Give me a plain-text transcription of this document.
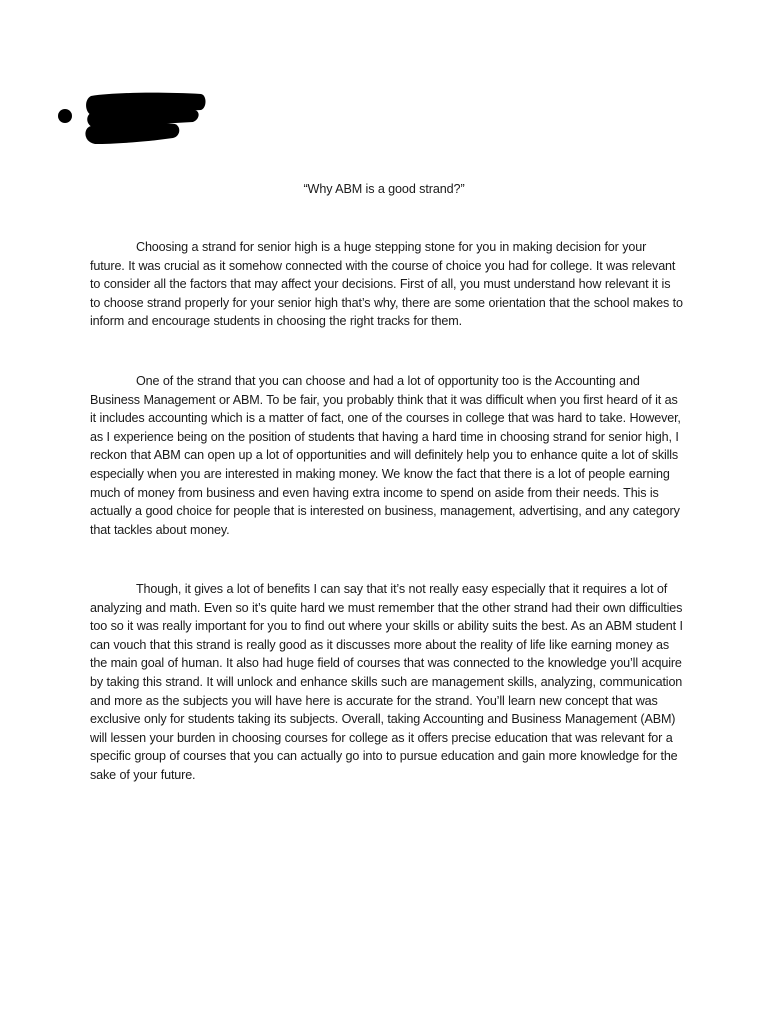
“Why ABM is a good strand?”

Choosing a strand for senior high is a huge stepping stone for you in making decision for your future. It was crucial as it somehow connected with the course of choice you had for college. It was relevant to consider all the factors that may affect your decisions. First of all, you must understand how relevant it is to choose strand properly for your senior high that’s why, there are some orientation that the school makes to inform and encourage students in choosing the right tracks for them.

One of the strand that you can choose and had a lot of opportunity too is the Accounting and Business Management or ABM. To be fair, you probably think that it was difficult when you first heard of it as it includes accounting which is a matter of fact, one of the courses in college that was hard to take. However, as I experience being on the position of students that having a hard time in choosing strand for senior high, I reckon that ABM can open up a lot of opportunities and will definitely help you to enhance quite a lot of skills especially when you are interested in making money. We know the fact that there is a lot of people earning much of money from business and even having extra income to spend on aside from their needs. This is actually a good choice for people that is interested on business, management, advertising, and any category that tackles about money.

Though, it gives a lot of benefits I can say that it’s not really easy especially that it requires a lot of analyzing and math. Even so it’s quite hard we must remember that the other strand had their own difficulties too so it was really important for you to find out where your skills or ability suits the best. As an ABM student I can vouch that this strand is really good as it discusses more about the reality of life like earning money as the main goal of human. It also had huge field of courses that was connected to the knowledge you’ll acquire by taking this strand. It will unlock and enhance skills such are management skills, analyzing, communication and more as the subjects you will have here is accurate for the strand. You’ll learn new concept that was exclusive only for students taking its subjects. Overall, taking Accounting and Business Management (ABM) will lessen your burden in choosing courses for college as it offers precise education that was relevant for a specific group of courses that you can actually go into to pursue education and gain more knowledge for the sake of your future.
